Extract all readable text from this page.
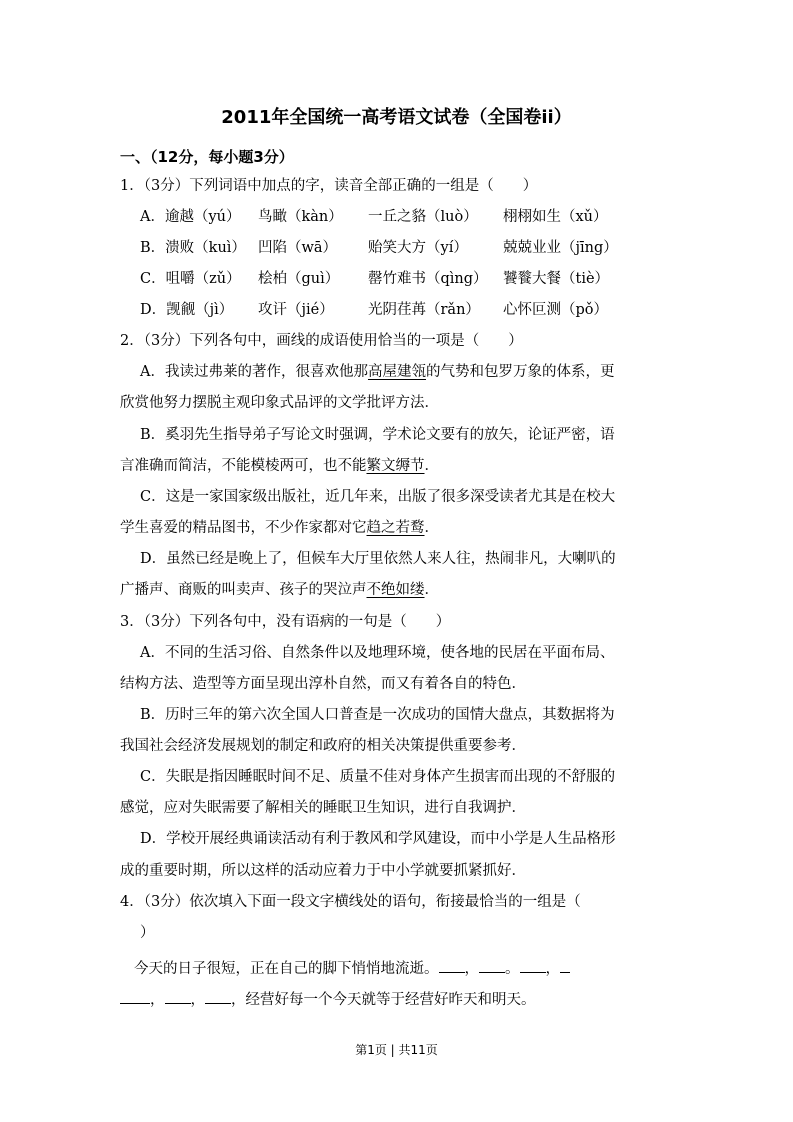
2011年全国统一高考语文试卷（全国卷ii）
一、（12分，每小题3分）
1．（3分）下列词语中加点的字，读音全部正确的一组是（　　）
A．逾越（yú） 鸟瞰（kàn） 一丘之貉（luò） 栩栩如生（xǔ）
B．溃败（kuì） 凹陷（wā） 贻笑大方（yí） 兢兢业业（jīng）
C．咀嚼（zǔ） 桧柏（guì） 罄竹难书（qìng） 饕餮大餐（tiè）
D．觊觎（jì） 攻讦（jié） 光阴荏苒（rǎn） 心怀叵测（pǒ）
2．（3分）下列各句中，画线的成语使用恰当的一项是（　　）
A．我读过弗莱的著作，很喜欢他那高屋建瓴的气势和包罗万象的体系，更
欣赏他努力摆脱主观印象式品评的文学批评方法．
B．奚羽先生指导弟子写论文时强调，学术论文要有的放矢，论证严密，语
言准确而简洁，不能模棱两可，也不能繁文缛节．
C．这是一家国家级出版社，近几年来，出版了很多深受读者尤其是在校大
学生喜爱的精品图书，不少作家都对它趋之若鹜．
D．虽然已经是晚上了，但候车大厅里依然人来人往，热闹非凡，大喇叭的
广播声、商贩的叫卖声、孩子的哭泣声不绝如缕．
3．（3分）下列各句中，没有语病的一句是（　　）
A．不同的生活习俗、自然条件以及地理环境，使各地的民居在平面布局、
结构方法、造型等方面呈现出淳朴自然，而又有着各自的特色．
B．历时三年的第六次全国人口普查是一次成功的国情大盘点，其数据将为
我国社会经济发展规划的制定和政府的相关决策提供重要参考．
C．失眠是指因睡眠时间不足、质量不佳对身体产生损害而出现的不舒服的
感觉，应对失眠需要了解相关的睡眠卫生知识，进行自我调护．
D．学校开展经典诵读活动有利于教风和学风建设，而中小学是人生品格形
成的重要时期，所以这样的活动应着力于中小学就要抓紧抓好．
4．（3分）依次填入下面一段文字横线处的语句，衔接最恰当的一组是（
）
今天的日子很短，正在自己的脚下悄悄地流逝。 ， 。 ，
， ， ，经营好每一个今天就等于经营好昨天和明天。
第1页 | 共11页
